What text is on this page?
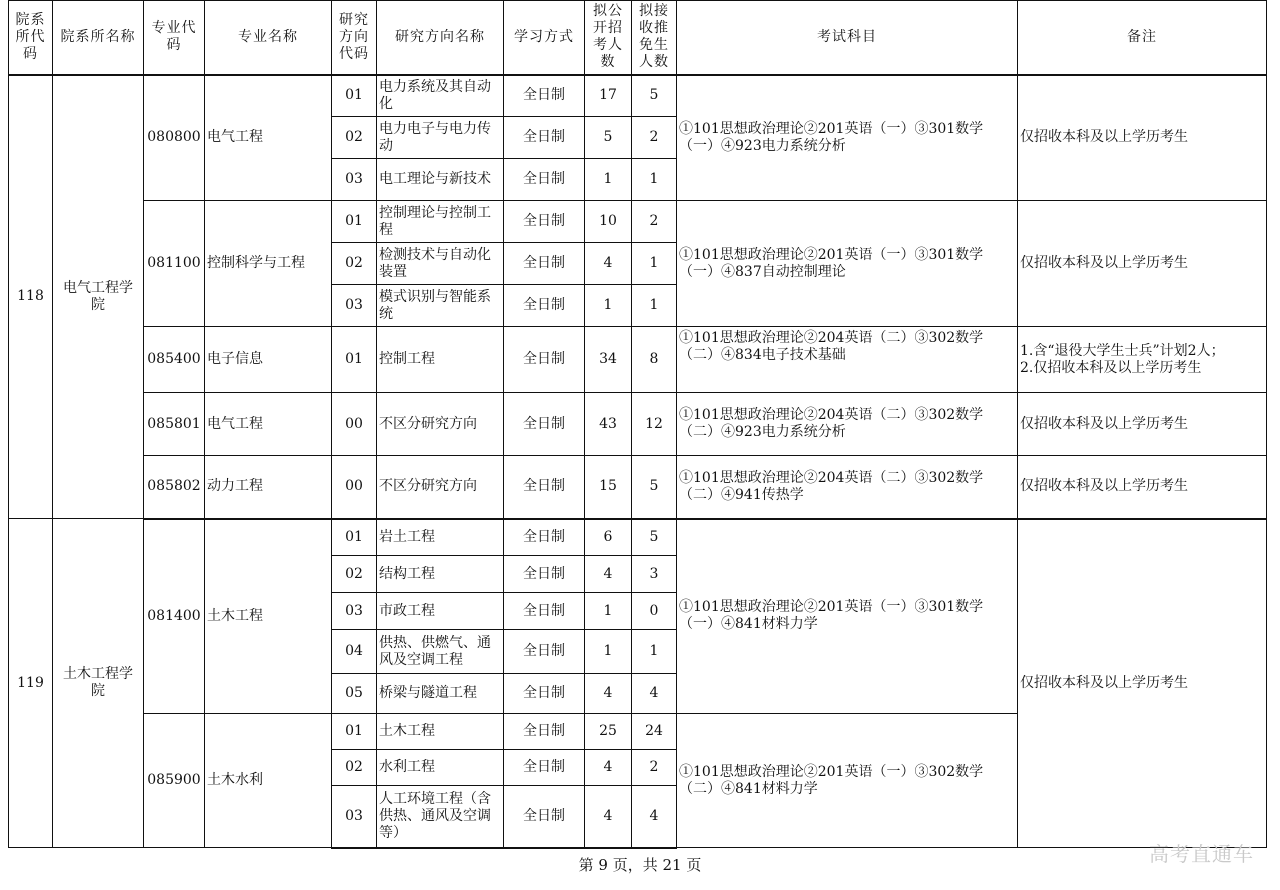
院系所代码	院系所名称	专业代码	专业名称	研究方向代码	研究方向名称	学习方式	拟公开招考人数	拟接收推免生人数	考试科目	备注
118	电气工程学院	080800	电气工程	01	电力系统及其自动化	全日制	17	5	①101思想政治理论②201英语（一）③301数学（一）④923电力系统分析	仅招收本科及以上学历考生
				02	电力电子与电力传动	全日制	5	2		
				03	电工理论与新技术	全日制	1	1		
		081100	控制科学与工程	01	控制理论与控制工程	全日制	10	2	①101思想政治理论②201英语（一）③301数学（一）④837自动控制理论	仅招收本科及以上学历考生
				02	检测技术与自动化装置	全日制	4	1		
				03	模式识别与智能系统	全日制	1	1		
		085400	电子信息	01	控制工程	全日制	34	8	①101思想政治理论②204英语（二）③302数学（二）④834电子技术基础	1.含“退役大学生士兵”计划2人；
2.仅招收本科及以上学历考生
		085801	电气工程	00	不区分研究方向	全日制	43	12	①101思想政治理论②204英语（二）③302数学（二）④923电力系统分析	仅招收本科及以上学历考生
		085802	动力工程	00	不区分研究方向	全日制	15	5	①101思想政治理论②204英语（二）③302数学（二）④941传热学	仅招收本科及以上学历考生
119	土木工程学院	081400	土木工程	01	岩土工程	全日制	6	5	①101思想政治理论②201英语（一）③301数学（一）④841材料力学	仅招收本科及以上学历考生
				02	结构工程	全日制	4	3		
				03	市政工程	全日制	1	0		
				04	供热、供燃气、通风及空调工程	全日制	1	1		
				05	桥梁与隧道工程	全日制	4	4		
		085900	土木水利	01	土木工程	全日制	25	24	①101思想政治理论②201英语（一）③302数学（二）④841材料力学	
				02	水利工程	全日制	4	2		
				03	人工环境工程（含供热、通风及空调等）	全日制	4	4		
第 9 页，共 21 页	高考直通车
